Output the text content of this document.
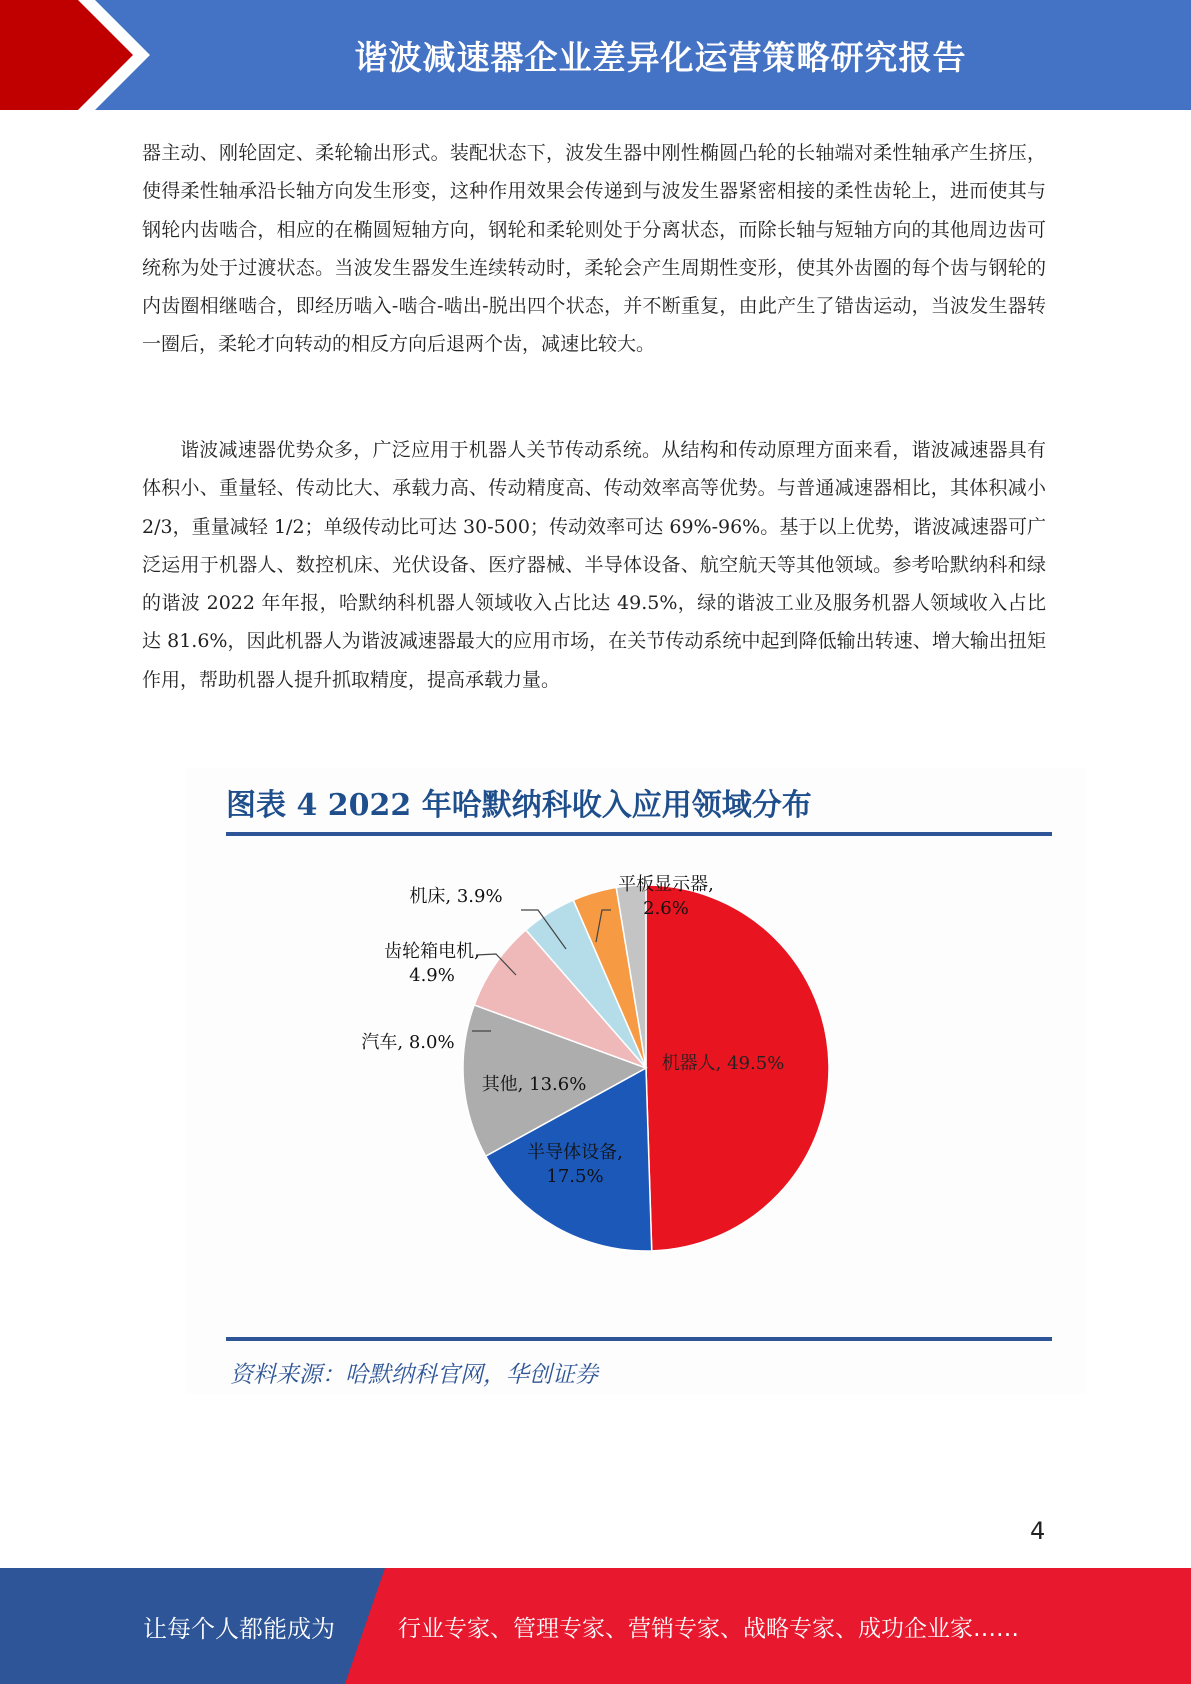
谐波减速器企业差异化运营策略研究报告

器主动、刚轮固定、柔轮输出形式。装配状态下，波发生器中刚性椭圆凸轮的长轴端对柔性轴承产生挤压，使得柔性轴承沿长轴方向发生形变，这种作用效果会传递到与波发生器紧密相接的柔性齿轮上，进而使其与钢轮内齿啮合，相应的在椭圆短轴方向，钢轮和柔轮则处于分离状态，而除长轴与短轴方向的其他周边齿可统称为处于过渡状态。当波发生器发生连续转动时，柔轮会产生周期性变形，使其外齿圈的每个齿与钢轮的内齿圈相继啮合，即经历啮入-啮合-啮出-脱出四个状态，并不断重复，由此产生了错齿运动，当波发生器转一圈后，柔轮才向转动的相反方向后退两个齿，减速比较大。

谐波减速器优势众多，广泛应用于机器人关节传动系统。从结构和传动原理方面来看，谐波减速器具有体积小、重量轻、传动比大、承载力高、传动精度高、传动效率高等优势。与普通减速器相比，其体积减小 2/3，重量减轻 1/2；单级传动比可达 30-500；传动效率可达 69%-96%。基于以上优势，谐波减速器可广泛运用于机器人、数控机床、光伏设备、医疗器械、半导体设备、航空航天等其他领域。参考哈默纳科和绿的谐波 2022 年年报，哈默纳科机器人领域收入占比达 49.5%，绿的谐波工业及服务机器人领域收入占比达 81.6%，因此机器人为谐波减速器最大的应用市场，在关节传动系统中起到降低输出转速、增大输出扭矩作用，帮助机器人提升抓取精度，提高承载力量。

图表 4 2022 年哈默纳科收入应用领域分布
机器人, 49.5%
半导体设备, 17.5%
其他, 13.6%
汽车, 8.0%
齿轮箱电机, 4.9%
机床, 3.9%
平板显示器, 2.6%
资料来源：哈默纳科官网，华创证券
4
让每个人都能成为	行业专家、管理专家、营销专家、战略专家、成功企业家……
